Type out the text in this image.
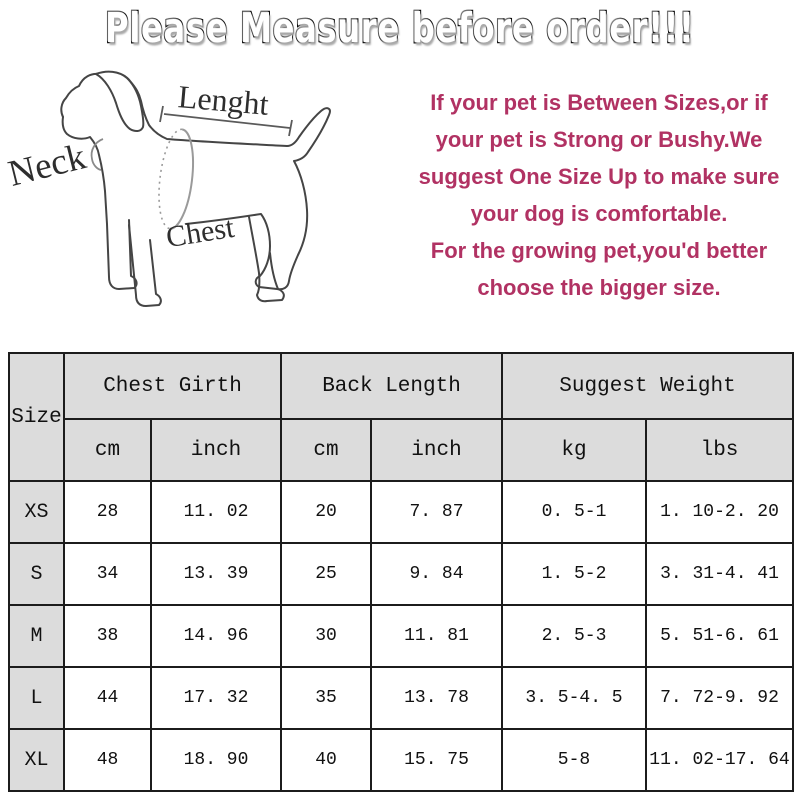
Please Measure before order!!!
Neck
Lenght
Chest
If your pet is Between Sizes,or if
your pet is Strong or Bushy.We
suggest One Size Up to make sure
your dog is comfortable.
For the growing pet,you'd better
choose the bigger size.
Size	Chest Girth		Back Length		Suggest Weight	
	cm	inch	cm	inch	kg	lbs
XS	28	11. 02	20	7. 87	0. 5-1	1. 10-2. 20
S	34	13. 39	25	9. 84	1. 5-2	3. 31-4. 41
M	38	14. 96	30	11. 81	2. 5-3	5. 51-6. 61
L	44	17. 32	35	13. 78	3. 5-4. 5	7. 72-9. 92
XL	48	18. 90	40	15. 75	5-8	11. 02-17. 64
